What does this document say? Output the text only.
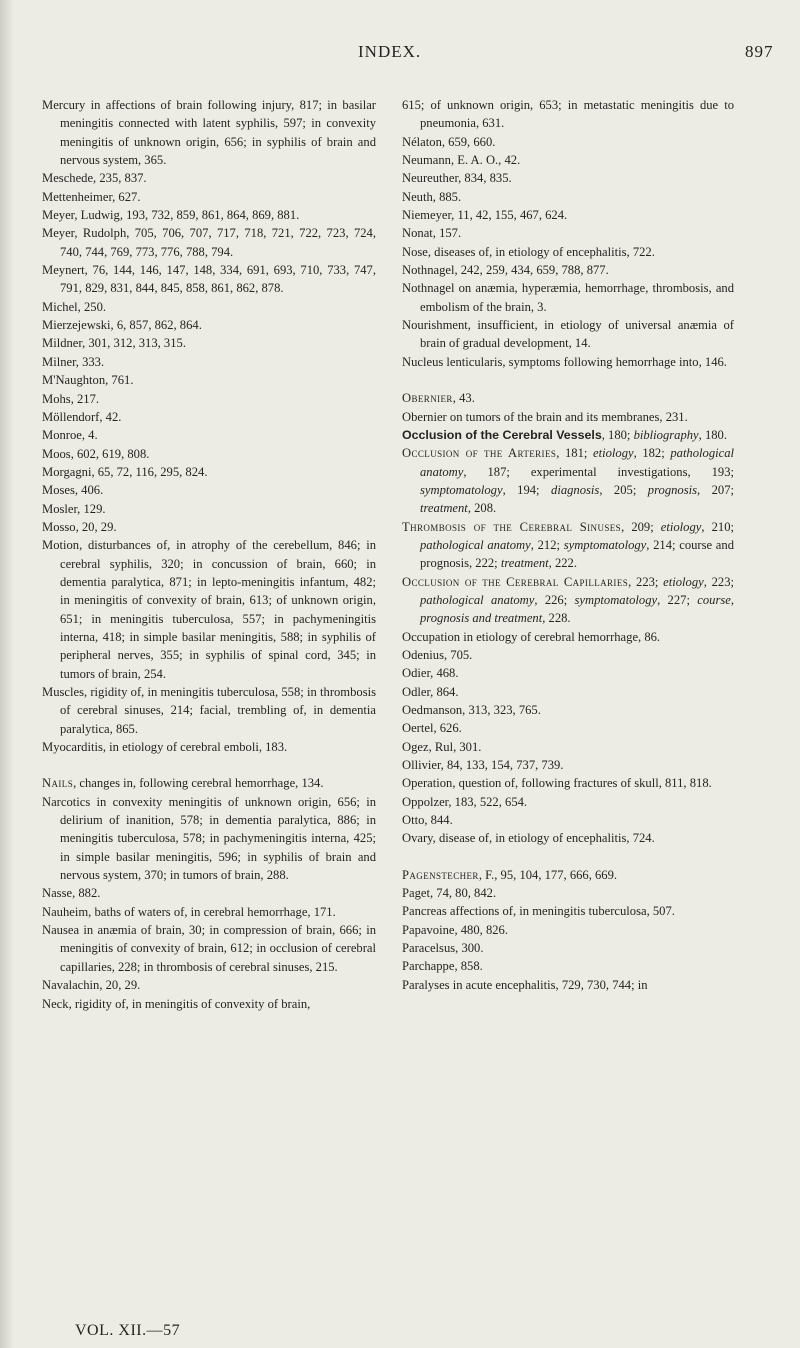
INDEX.	897
Mercury in affections of brain following injury, 817; in basilar meningitis connected with latent syphilis, 597; in convexity meningitis of unknown origin, 656; in syphilis of brain and nervous system, 365.
Meschede, 235, 837.
Mettenheimer, 627.
Meyer, Ludwig, 193, 732, 859, 861, 864, 869, 881.
Meyer, Rudolph, 705, 706, 707, 717, 718, 721, 722, 723, 724, 740, 744, 769, 773, 776, 788, 794.
Meynert, 76, 144, 146, 147, 148, 334, 691, 693, 710, 733, 747, 791, 829, 831, 844, 845, 858, 861, 862, 878.
Michel, 250.
Mierzejewski, 6, 857, 862, 864.
Mildner, 301, 312, 313, 315.
Milner, 333.
M'Naughton, 761.
Mohs, 217.
Möllendorf, 42.
Monroe, 4.
Moos, 602, 619, 808.
Morgagni, 65, 72, 116, 295, 824.
Moses, 406.
Mosler, 129.
Mosso, 20, 29.
Motion, disturbances of, in atrophy of the cerebellum, 846; in cerebral syphilis, 320; in concussion of brain, 660; in dementia paralytica, 871; in lepto-meningitis infantum, 482; in meningitis of convexity of brain, 613; of unknown origin, 651; in meningitis tuberculosa, 557; in pachymeningitis interna, 418; in simple basilar meningitis, 588; in syphilis of peripheral nerves, 355; in syphilis of spinal cord, 345; in tumors of brain, 254.
Muscles, rigidity of, in meningitis tuberculosa, 558; in thrombosis of cerebral sinuses, 214; facial, trembling of, in dementia paralytica, 865.
Myocarditis, in etiology of cerebral emboli, 183.
Nails, changes in, following cerebral hemorrhage, 134.
Narcotics in convexity meningitis of unknown origin, 656; in delirium of inanition, 578; in dementia paralytica, 886; in meningitis tuberculosa, 578; in pachymeningitis interna, 425; in simple basilar meningitis, 596; in syphilis of brain and nervous system, 370; in tumors of brain, 288.
Nasse, 882.
Nauheim, baths of waters of, in cerebral hemorrhage, 171.
Nausea in anæmia of brain, 30; in compression of brain, 666; in meningitis of convexity of brain, 612; in occlusion of cerebral capillaries, 228; in thrombosis of cerebral sinuses, 215.
Navalachin, 20, 29.
Neck, rigidity of, in meningitis of convexity of brain,
615; of unknown origin, 653; in metastatic meningitis due to pneumonia, 631.
Nélaton, 659, 660.
Neumann, E. A. O., 42.
Neureuther, 834, 835.
Neuth, 885.
Niemeyer, 11, 42, 155, 467, 624.
Nonat, 157.
Nose, diseases of, in etiology of encephalitis, 722.
Nothnagel, 242, 259, 434, 659, 788, 877.
Nothnagel on anæmia, hyperæmia, hemorrhage, thrombosis, and embolism of the brain, 3.
Nourishment, insufficient, in etiology of universal anæmia of brain of gradual development, 14.
Nucleus lenticularis, symptoms following hemorrhage into, 146.
Obernier, 43.
Obernier on tumors of the brain and its membranes, 231.
Occlusion of the Cerebral Vessels, 180; bibliography, 180.
Occlusion of the Arteries, 181; etiology, 182; pathological anatomy, 187; experimental investigations, 193; symptomatology, 194; diagnosis, 205; prognosis, 207; treatment, 208.
Thrombosis of the Cerebral Sinuses, 209; etiology, 210; pathological anatomy, 212; symptomatology, 214; course and prognosis, 222; treatment, 222.
Occlusion of the Cerebral Capillaries, 223; etiology, 223; pathological anatomy, 226; symptomatology, 227; course, prognosis and treatment, 228.
Occupation in etiology of cerebral hemorrhage, 86.
Odenius, 705.
Odier, 468.
Odler, 864.
Oedmanson, 313, 323, 765.
Oertel, 626.
Ogez, Rul, 301.
Ollivier, 84, 133, 154, 737, 739.
Operation, question of, following fractures of skull, 811, 818.
Oppolzer, 183, 522, 654.
Otto, 844.
Ovary, disease of, in etiology of encephalitis, 724.
Pagenstecher, F., 95, 104, 177, 666, 669.
Paget, 74, 80, 842.
Pancreas affections of, in meningitis tuberculosa, 507.
Papavoine, 480, 826.
Paracelsus, 300.
Parchappe, 858.
Paralyses in acute encephalitis, 729, 730, 744; in
VOL. XII.—57
